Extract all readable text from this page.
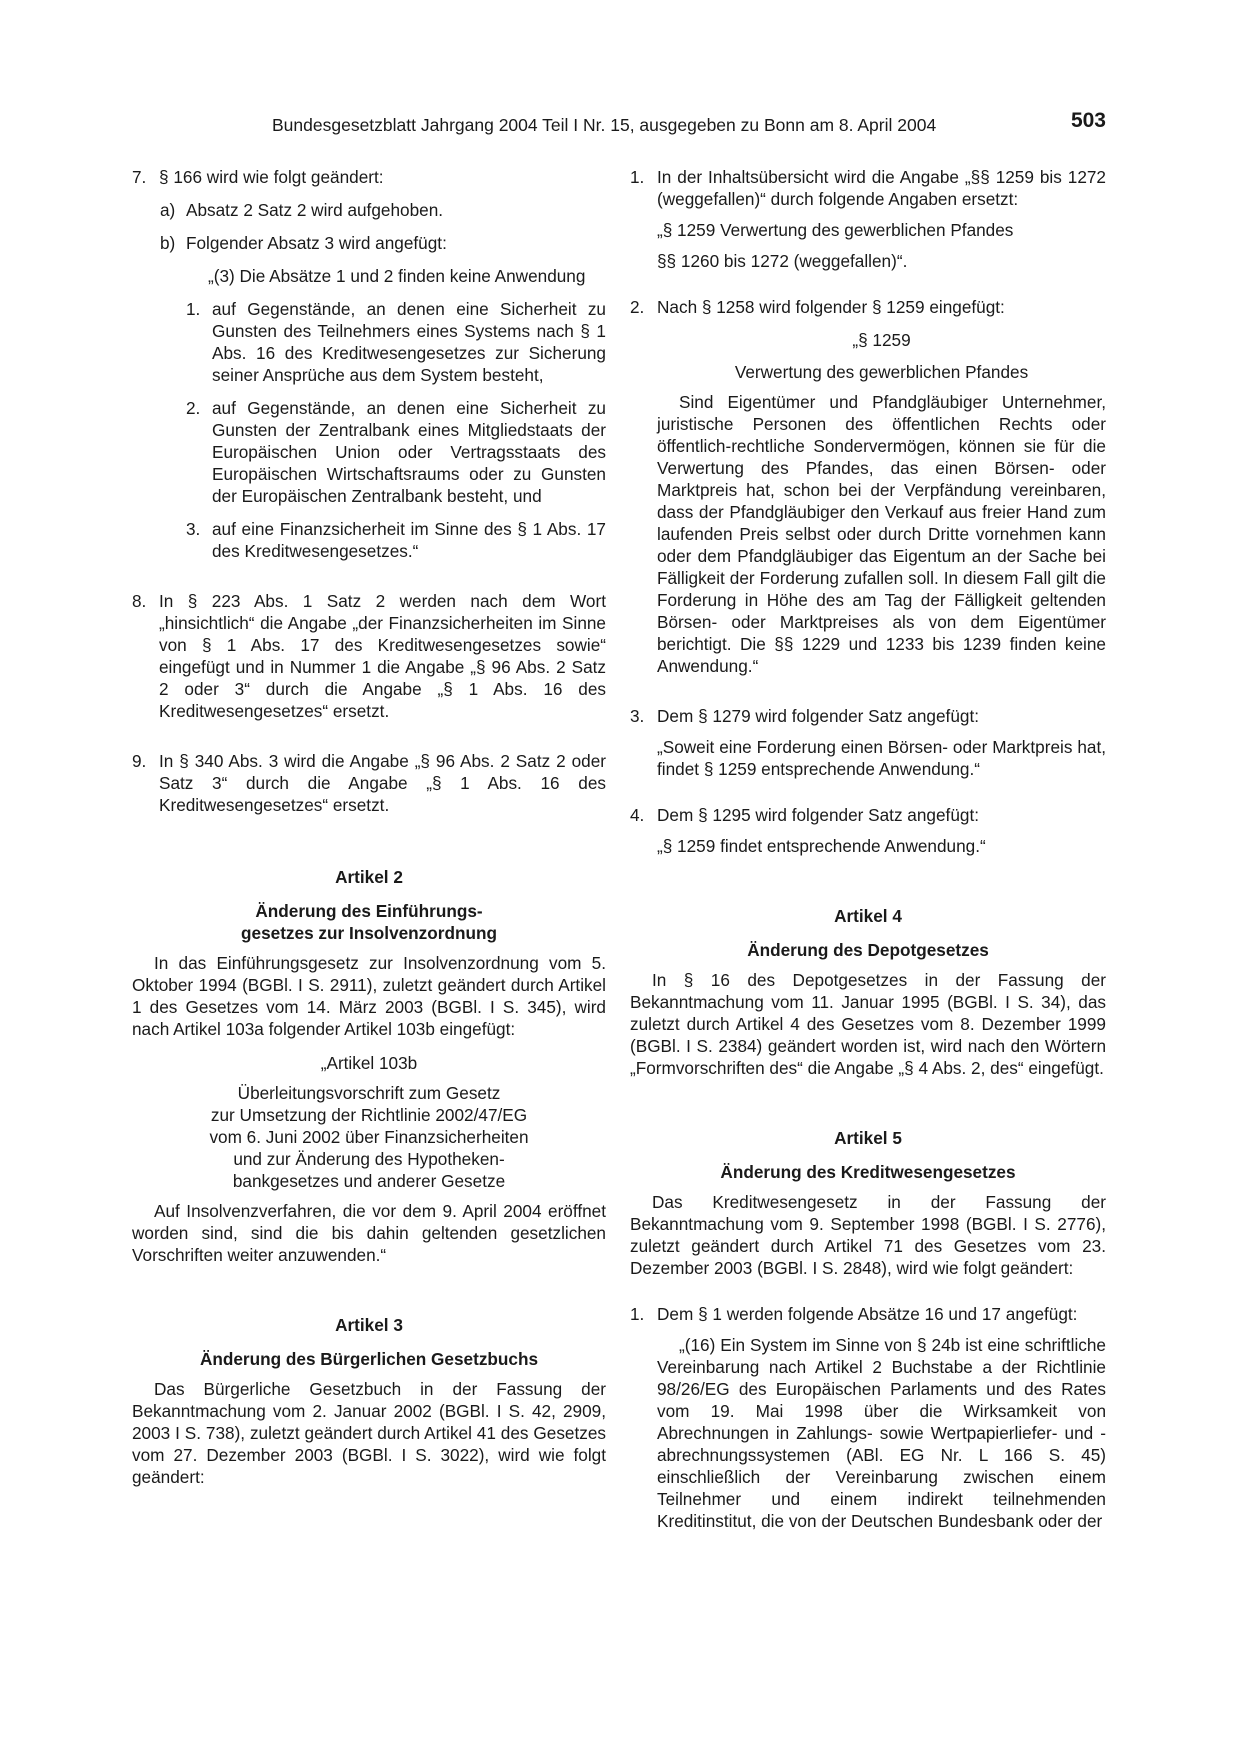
Bundesgesetzblatt Jahrgang 2004 Teil I Nr. 15, ausgegeben zu Bonn am 8. April 2004	503
7. § 166 wird wie folgt geändert:

a) Absatz 2 Satz 2 wird aufgehoben.

b) Folgender Absatz 3 wird angefügt:

„(3) Die Absätze 1 und 2 finden keine Anwendung

1. auf Gegenstände, an denen eine Sicherheit zu Gunsten des Teilnehmers eines Systems nach § 1 Abs. 16 des Kreditwesengesetzes zur Sicherung seiner Ansprüche aus dem System besteht,

2. auf Gegenstände, an denen eine Sicherheit zu Gunsten der Zentralbank eines Mitgliedstaats der Europäischen Union oder Vertragsstaats des Europäischen Wirtschaftsraums oder zu Gunsten der Europäischen Zentralbank besteht, und

3. auf eine Finanzsicherheit im Sinne des § 1 Abs. 17 des Kreditwesengesetzes.“

8. In § 223 Abs. 1 Satz 2 werden nach dem Wort „hinsichtlich“ die Angabe „der Finanzsicherheiten im Sinne von § 1 Abs. 17 des Kreditwesengesetzes sowie“ eingefügt und in Nummer 1 die Angabe „§ 96 Abs. 2 Satz 2 oder 3“ durch die Angabe „§ 1 Abs. 16 des Kreditwesengesetzes“ ersetzt.

9. In § 340 Abs. 3 wird die Angabe „§ 96 Abs. 2 Satz 2 oder Satz 3“ durch die Angabe „§ 1 Abs. 16 des Kreditwesengesetzes“ ersetzt.

Artikel 2

Änderung des Einführungs-

gesetzes zur Insolvenzordnung

In das Einführungsgesetz zur Insolvenzordnung vom 5. Oktober 1994 (BGBl. I S. 2911), zuletzt geändert durch Artikel 1 des Gesetzes vom 14. März 2003 (BGBl. I S. 345), wird nach Artikel 103a folgender Artikel 103b eingefügt:

„Artikel 103b

Überleitungsvorschrift zum Gesetz

zur Umsetzung der Richtlinie 2002/47/EG

vom 6. Juni 2002 über Finanzsicherheiten

und zur Änderung des Hypotheken-

bankgesetzes und anderer Gesetze

Auf Insolvenzverfahren, die vor dem 9. April 2004 eröffnet worden sind, sind die bis dahin geltenden gesetzlichen Vorschriften weiter anzuwenden.“

Artikel 3

Änderung des Bürgerlichen Gesetzbuchs

Das Bürgerliche Gesetzbuch in der Fassung der Bekanntmachung vom 2. Januar 2002 (BGBl. I S. 42, 2909, 2003 I S. 738), zuletzt geändert durch Artikel 41 des Gesetzes vom 27. Dezember 2003 (BGBl. I S. 3022), wird wie folgt geändert:

1. In der Inhaltsübersicht wird die Angabe „§§ 1259 bis 1272 (weggefallen)“ durch folgende Angaben ersetzt:

„§ 1259 Verwertung des gewerblichen Pfandes

§§ 1260 bis 1272 (weggefallen)“.

2. Nach § 1258 wird folgender § 1259 eingefügt:

„§ 1259

Verwertung des gewerblichen Pfandes

Sind Eigentümer und Pfandgläubiger Unternehmer, juristische Personen des öffentlichen Rechts oder öffentlich-rechtliche Sondervermögen, können sie für die Verwertung des Pfandes, das einen Börsen- oder Marktpreis hat, schon bei der Verpfändung vereinbaren, dass der Pfandgläubiger den Verkauf aus freier Hand zum laufenden Preis selbst oder durch Dritte vornehmen kann oder dem Pfandgläubiger das Eigentum an der Sache bei Fälligkeit der Forderung zufallen soll. In diesem Fall gilt die Forderung in Höhe des am Tag der Fälligkeit geltenden Börsen- oder Marktpreises als von dem Eigentümer berichtigt. Die §§ 1229 und 1233 bis 1239 finden keine Anwendung.“

3. Dem § 1279 wird folgender Satz angefügt:

„Soweit eine Forderung einen Börsen- oder Marktpreis hat, findet § 1259 entsprechende Anwendung.“

4. Dem § 1295 wird folgender Satz angefügt:

„§ 1259 findet entsprechende Anwendung.“

Artikel 4

Änderung des Depotgesetzes

In § 16 des Depotgesetzes in der Fassung der Bekanntmachung vom 11. Januar 1995 (BGBl. I S. 34), das zuletzt durch Artikel 4 des Gesetzes vom 8. Dezember 1999 (BGBl. I S. 2384) geändert worden ist, wird nach den Wörtern „Formvorschriften des“ die Angabe „§ 4 Abs. 2, des“ eingefügt.

Artikel 5

Änderung des Kreditwesengesetzes

Das Kreditwesengesetz in der Fassung der Bekanntmachung vom 9. September 1998 (BGBl. I S. 2776), zuletzt geändert durch Artikel 71 des Gesetzes vom 23. Dezember 2003 (BGBl. I S. 2848), wird wie folgt geändert:

1. Dem § 1 werden folgende Absätze 16 und 17 angefügt:

„(16) Ein System im Sinne von § 24b ist eine schriftliche Vereinbarung nach Artikel 2 Buchstabe a der Richtlinie 98/26/EG des Europäischen Parlaments und des Rates vom 19. Mai 1998 über die Wirksamkeit von Abrechnungen in Zahlungs- sowie Wertpapierliefer- und -abrechnungssystemen (ABl. EG Nr. L 166 S. 45) einschließlich der Vereinbarung zwischen einem Teilnehmer und einem indirekt teilnehmenden Kreditinstitut, die von der Deutschen Bundesbank oder der
